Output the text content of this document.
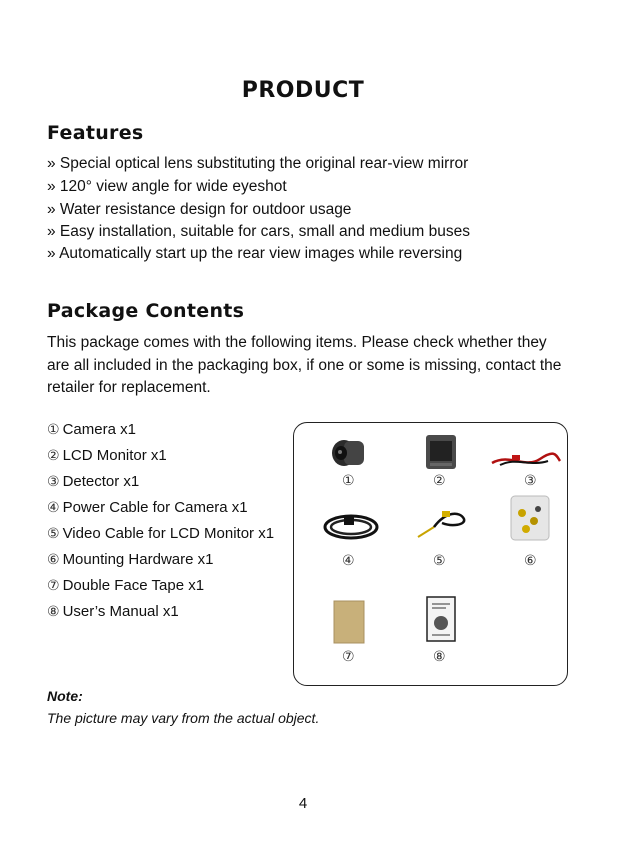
PRODUCT
Features
» Special optical lens substituting the original rear-view mirror
» 120° view angle for wide eyeshot
» Water resistance design for outdoor usage
» Easy installation, suitable for cars, small and medium buses
» Automatically start up the rear view images while reversing
Package Contents
This package comes with the following items. Please check whether they are all included in the packaging box, if one or some is missing, contact the retailer for replacement.
① Camera x1
② LCD Monitor x1
③ Detector x1
④ Power Cable for Camera x1
⑤ Video Cable for LCD Monitor x1
⑥ Mounting Hardware x1
⑦ Double Face Tape x1
⑧ User’s Manual x1
①	②	③
④	⑤	⑥
⑦	⑧
Note:
The picture may vary from the actual object.
4
